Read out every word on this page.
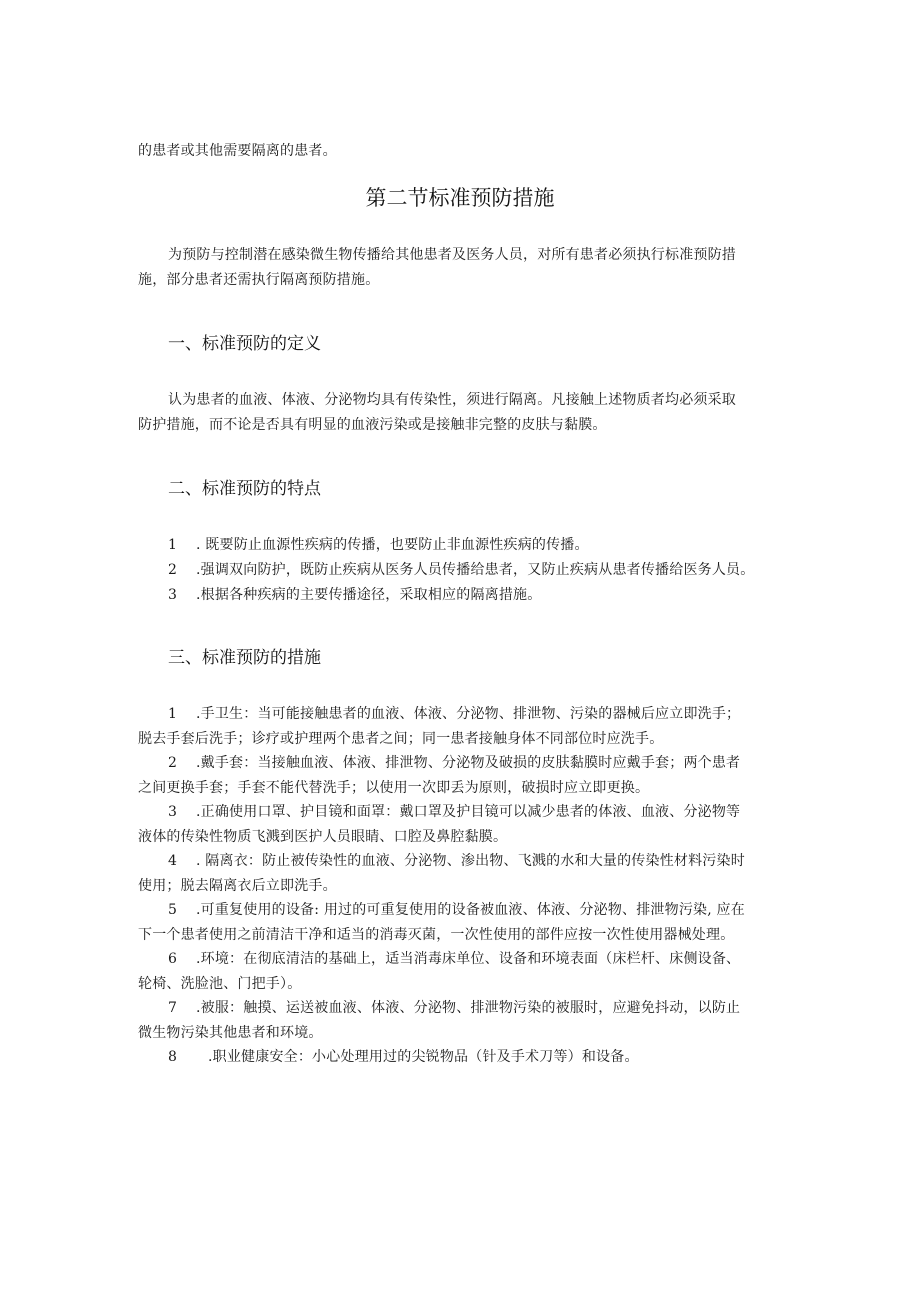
的患者或其他需要隔离的患者。
第二节标准预防措施
为预防与控制潜在感染微生物传播给其他患者及医务人员，对所有患者必须执行标准预防措
施，部分患者还需执行隔离预防措施。
一、标准预防的定义
认为患者的血液、体液、分泌物均具有传染性，须进行隔离。凡接触上述物质者均必须采取
防护措施，而不论是否具有明显的血液污染或是接触非完整的皮肤与黏膜。
二、标准预防的特点
1 . 既要防止血源性疾病的传播，也要防止非血源性疾病的传播。
2 .强调双向防护，既防止疾病从医务人员传播给患者，又防止疾病从患者传播给医务人员。
3 .根据各种疾病的主要传播途径，采取相应的隔离措施。
三、标准预防的措施
1 .手卫生：当可能接触患者的血液、体液、分泌物、排泄物、污染的器械后应立即洗手；
脱去手套后洗手；诊疗或护理两个患者之间；同一患者接触身体不同部位时应洗手。
2 .戴手套：当接触血液、体液、排泄物、分泌物及破损的皮肤黏膜时应戴手套；两个患者
之间更换手套；手套不能代替洗手；以使用一次即丢为原则，破损时应立即更换。
3 .正确使用口罩、护目镜和面罩：戴口罩及护目镜可以减少患者的体液、血液、分泌物等
液体的传染性物质飞溅到医护人员眼睛、口腔及鼻腔黏膜。
4 . 隔离衣：防止被传染性的血液、分泌物、渗出物、飞溅的水和大量的传染性材料污染时
使用；脱去隔离衣后立即洗手。
5 .可重复使用的设备: 用过的可重复使用的设备被血液、体液、分泌物、排泄物污染, 应在
下一个患者使用之前清洁干净和适当的消毒灭菌，一次性使用的部件应按一次性使用器械处理。
6 .环境：在彻底清洁的基础上，适当消毒床单位、设备和环境表面（床栏杆、床侧设备、
轮椅、洗脸池、门把手）。
7 .被服：触摸、运送被血液、体液、分泌物、排泄物污染的被服时，应避免抖动，以防止
微生物污染其他患者和环境。
8 .职业健康安全：小心处理用过的尖锐物品（针及手术刀等）和设备。
